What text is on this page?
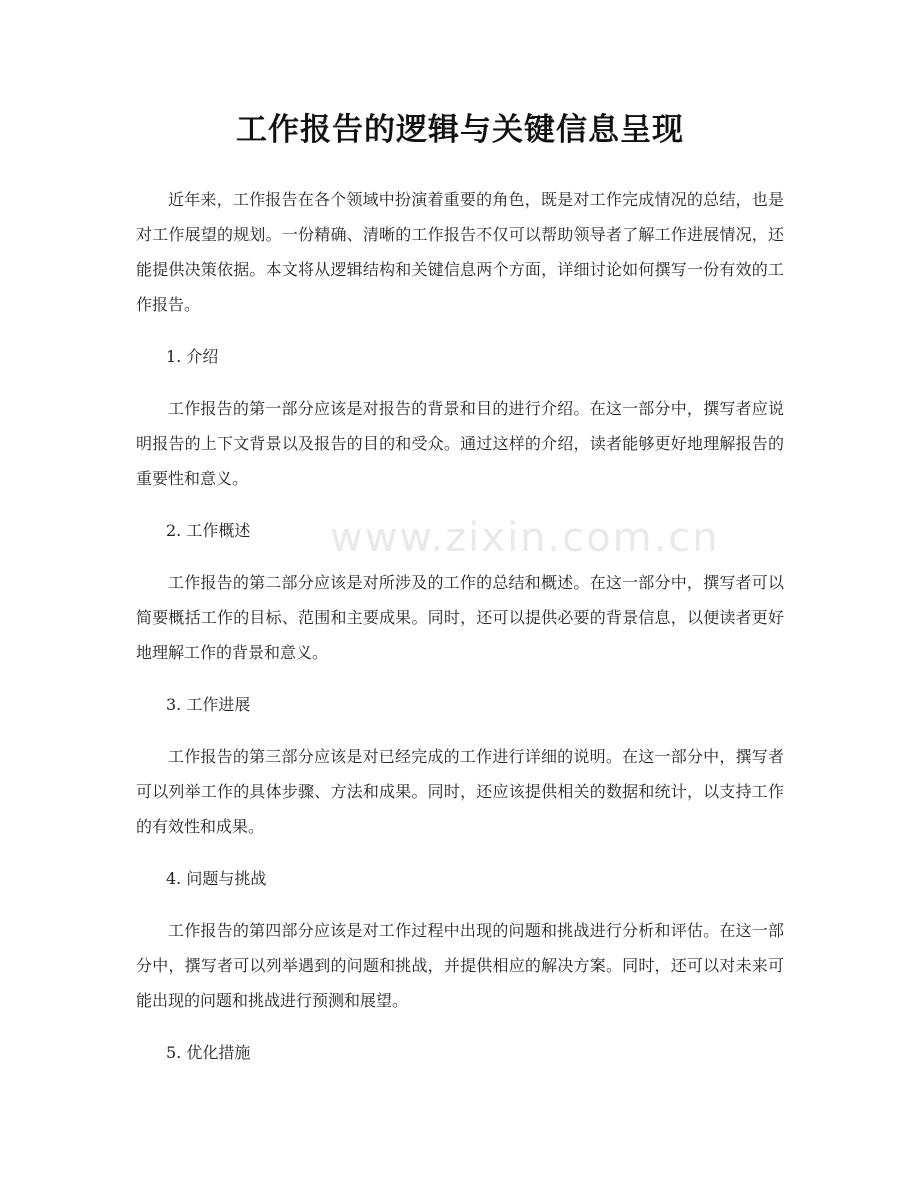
工作报告的逻辑与关键信息呈现
www.zixin.com.cn

近年来，工作报告在各个领域中扮演着重要的角色，既是对工作完成情况的总结，也是对工作展望的规划。一份精确、清晰的工作报告不仅可以帮助领导者了解工作进展情况，还能提供决策依据。本文将从逻辑结构和关键信息两个方面，详细讨论如何撰写一份有效的工作报告。

1. 介绍

工作报告的第一部分应该是对报告的背景和目的进行介绍。在这一部分中，撰写者应说明报告的上下文背景以及报告的目的和受众。通过这样的介绍，读者能够更好地理解报告的重要性和意义。

2. 工作概述

工作报告的第二部分应该是对所涉及的工作的总结和概述。在这一部分中，撰写者可以简要概括工作的目标、范围和主要成果。同时，还可以提供必要的背景信息，以便读者更好地理解工作的背景和意义。

3. 工作进展

工作报告的第三部分应该是对已经完成的工作进行详细的说明。在这一部分中，撰写者可以列举工作的具体步骤、方法和成果。同时，还应该提供相关的数据和统计，以支持工作的有效性和成果。

4. 问题与挑战

工作报告的第四部分应该是对工作过程中出现的问题和挑战进行分析和评估。在这一部分中，撰写者可以列举遇到的问题和挑战，并提供相应的解决方案。同时，还可以对未来可能出现的问题和挑战进行预测和展望。

5. 优化措施
